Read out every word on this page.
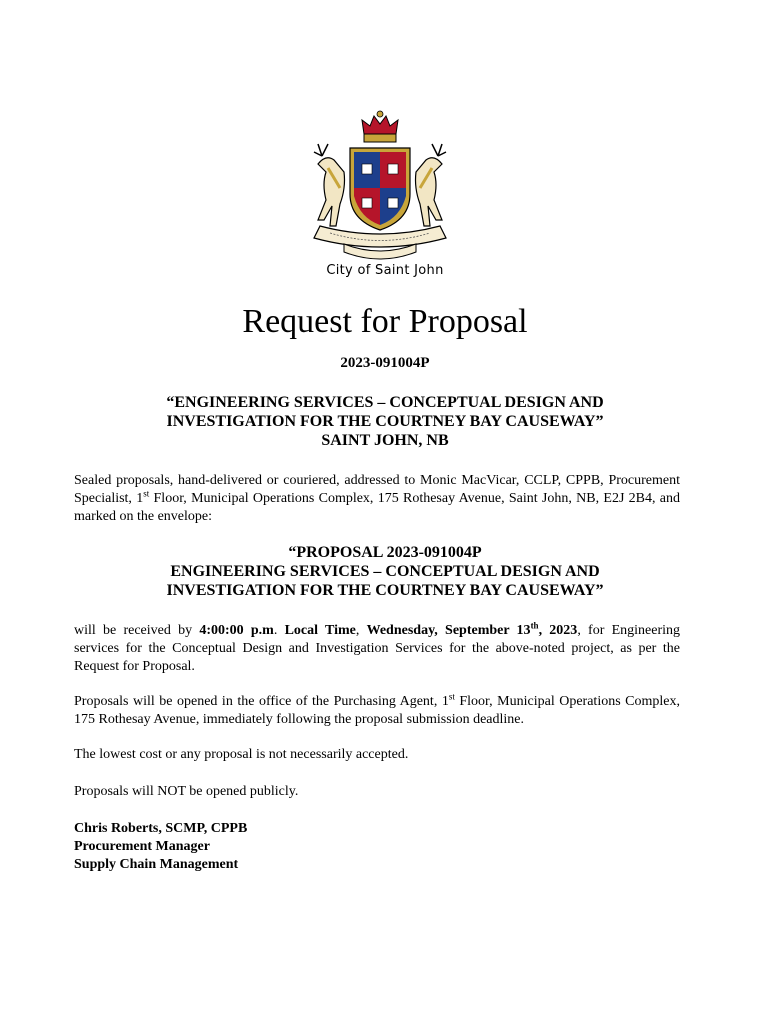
City of Saint John
Request for Proposal
2023-091004P
“ENGINEERING SERVICES – CONCEPTUAL DESIGN AND
INVESTIGATION FOR THE COURTNEY BAY CAUSEWAY”
SAINT JOHN, NB

Sealed proposals, hand-delivered or couriered, addressed to Monic MacVicar, CCLP, CPPB, Procurement Specialist, 1st Floor, Municipal Operations Complex, 175 Rothesay Avenue, Saint John, NB, E2J 2B4, and marked on the envelope:

“PROPOSAL 2023-091004P
ENGINEERING SERVICES – CONCEPTUAL DESIGN AND
INVESTIGATION FOR THE COURTNEY BAY CAUSEWAY”

will be received by 4:00:00 p.m. Local Time, Wednesday, September 13th, 2023, for Engineering services for the Conceptual Design and Investigation Services for the above-noted project, as per the Request for Proposal.

Proposals will be opened in the office of the Purchasing Agent, 1st Floor, Municipal Operations Complex, 175 Rothesay Avenue, immediately following the proposal submission deadline.

The lowest cost or any proposal is not necessarily accepted.

Proposals will NOT be opened publicly.

Chris Roberts, SCMP, CPPB
Procurement Manager
Supply Chain Management
